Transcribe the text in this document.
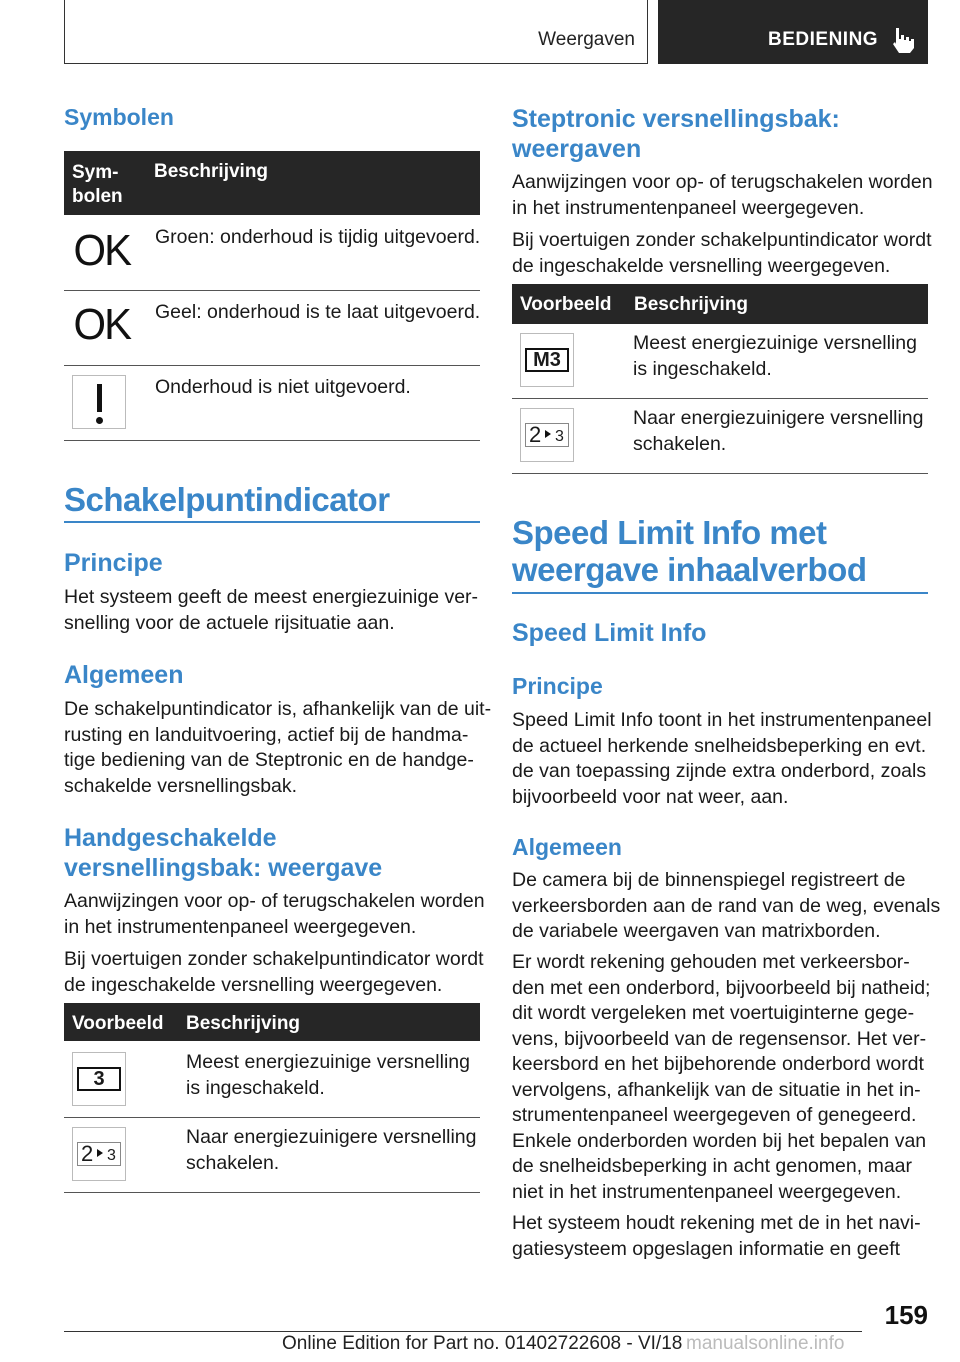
Weergaven	BEDIENING
Symbolen
Sym-
bolen
Beschrijving
OK Groen: onderhoud is tijdig uitgevoerd.
OK Geel: onderhoud is te laat uitgevoerd.
Onderhoud is niet uitgevoerd.
Schakelpuntindicator
Principe

Het systeem geeft de meest energiezuinige ver-
snelling voor de actuele rijsituatie aan.

Algemeen

De schakelpuntindicator is, afhankelijk van de uit-
rusting en landuitvoering, actief bij de handma-
tige bediening van de Steptronic en de handge-
schakelde versnellingsbak.

Handgeschakelde
versnellingsbak: weergave

Aanwijzingen voor op- of terugschakelen worden
in het instrumentenpaneel weergegeven.

Bij voertuigen zonder schakelpuntindicator wordt
de ingeschakelde versnelling weergegeven.

Voorbeeld Beschrijving
3
Meest energiezuinige versnelling
is ingeschakeld.
2 3
Naar energiezuinigere versnelling
schakelen.
Steptronic versnellingsbak:
weergaven

Aanwijzingen voor op- of terugschakelen worden
in het instrumentenpaneel weergegeven.

Bij voertuigen zonder schakelpuntindicator wordt
de ingeschakelde versnelling weergegeven.

Voorbeeld Beschrijving
M3
Meest energiezuinige versnelling
is ingeschakeld.
2 3
Naar energiezuinigere versnelling
schakelen.
Speed Limit Info met
weergave inhaalverbod
Speed Limit Info
Principe

Speed Limit Info toont in het instrumentenpaneel
de actueel herkende snelheidsbeperking en evt.
de van toepassing zijnde extra onderbord, zoals
bijvoorbeeld voor nat weer, aan.

Algemeen

De camera bij de binnenspiegel registreert de
verkeersborden aan de rand van de weg, evenals
de variabele weergaven van matrixborden.

Er wordt rekening gehouden met verkeersbor-
den met een onderbord, bijvoorbeeld bij natheid;
dit wordt vergeleken met voertuiginterne gege-
vens, bijvoorbeeld van de regensensor. Het ver-
keersbord en het bijbehorende onderbord wordt
vervolgens, afhankelijk van de situatie in het in-
strumentenpaneel weergegeven of genegeerd.
Enkele onderborden worden bij het bepalen van
de snelheidsbeperking in acht genomen, maar
niet in het instrumentenpaneel weergegeven.

Het systeem houdt rekening met de in het navi-
gatiesysteem opgeslagen informatie en geeft

159
Online Edition for Part no. 01402722608 - VI/18 manualsonline.info
